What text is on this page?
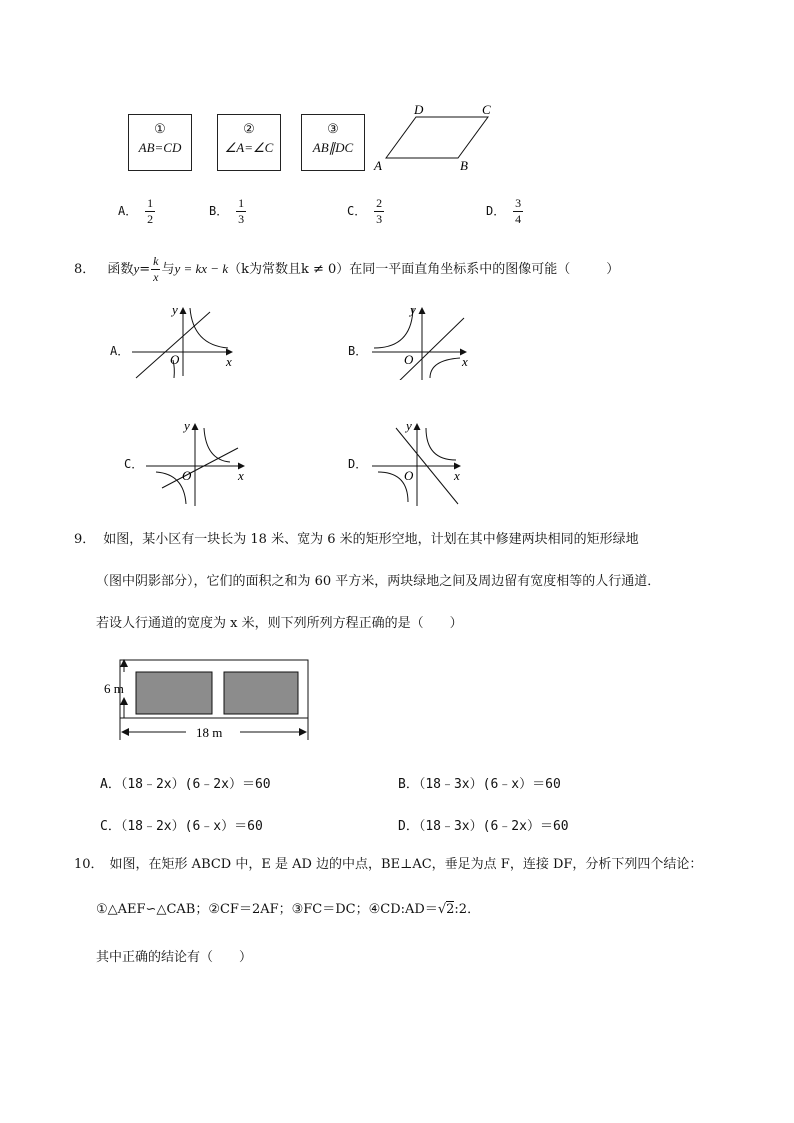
①
AB=CD
②
∠A=∠C
③
AB∥DC
D	C
A	B
A． $\frac{1}{2}$	B． $\frac{1}{3}$	C． $\frac{2}{3}$	D． $\frac{3}{4}$
8． 函数$y= \frac{k}{x}$ 与y = kx − k（k为常数且k ≠ 0）在同一平面直角坐标系中的图像可能（	）
A．
x
y
O
B．
x
y
O
C．
x
y
O
D．
x
y
O
9． 如图，某小区有一块长为 18 米、宽为 6 米的矩形空地，计划在其中修建两块相同的矩形绿地
（图中阴影部分），它们的面积之和为 60 平方米，两块绿地之间及周边留有宽度相等的人行通道．
若设人行通道的宽度为 x 米，则下列所列方程正确的是（　　）
6 m
18 m
A．（18﹣2x）(6﹣2x）＝60	B．（18﹣3x）(6﹣x）＝60
C．（18﹣2x）(6﹣x）＝60	D．（18﹣3x）(6﹣2x）＝60
10． 如图，在矩形 ABCD 中，E 是 AD 边的中点，BE⊥AC，垂足为点 F，连接 DF，分析下列四个结论：
①△AEF∽△CAB；②CF＝2AF；③FC＝DC；④CD:AD＝√2:2．
其中正确的结论有（　　）
